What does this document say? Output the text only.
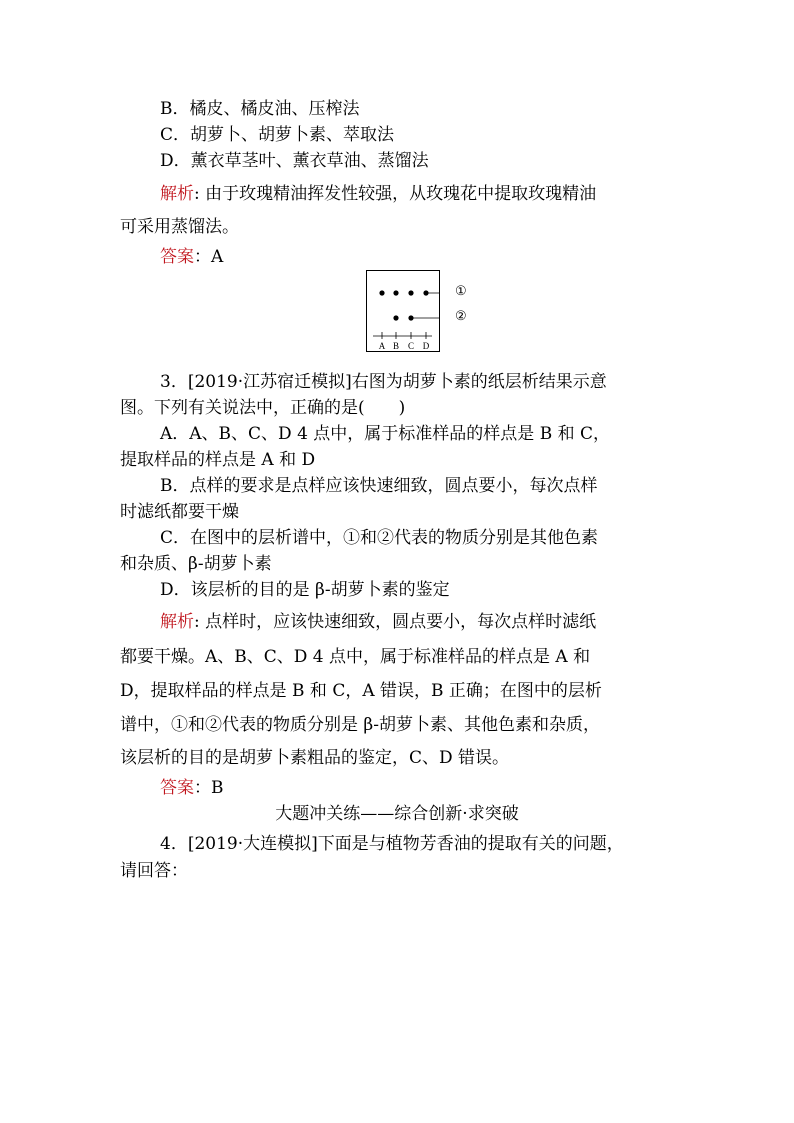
B．橘皮、橘皮油、压榨法
C．胡萝卜、胡萝卜素、萃取法
D．薰衣草茎叶、薰衣草油、蒸馏法
解析: 由于玫瑰精油挥发性较强，从玫瑰花中提取玫瑰精油
可采用蒸馏法。
答案：A
A B C D
①
②
3．[2019·江苏宿迁模拟]右图为胡萝卜素的纸层析结果示意
图。下列有关说法中，正确的是(　　)
A．A、B、C、D 4 点中，属于标准样品的样点是 B 和 C，
提取样品的样点是 A 和 D
B．点样的要求是点样应该快速细致，圆点要小，每次点样
时滤纸都要干燥
C．在图中的层析谱中，①和②代表的物质分别是其他色素
和杂质、β-胡萝卜素
D．该层析的目的是 β-胡萝卜素的鉴定
解析: 点样时，应该快速细致，圆点要小，每次点样时滤纸
都要干燥。A、B、C、D 4 点中，属于标准样品的样点是 A 和
D，提取样品的样点是 B 和 C，A 错误，B 正确；在图中的层析
谱中，①和②代表的物质分别是 β-胡萝卜素、其他色素和杂质，
该层析的目的是胡萝卜素粗品的鉴定，C、D 错误。
答案：B
大题冲关练——综合创新·求突破
4．[2019·大连模拟]下面是与植物芳香油的提取有关的问题，
请回答：
